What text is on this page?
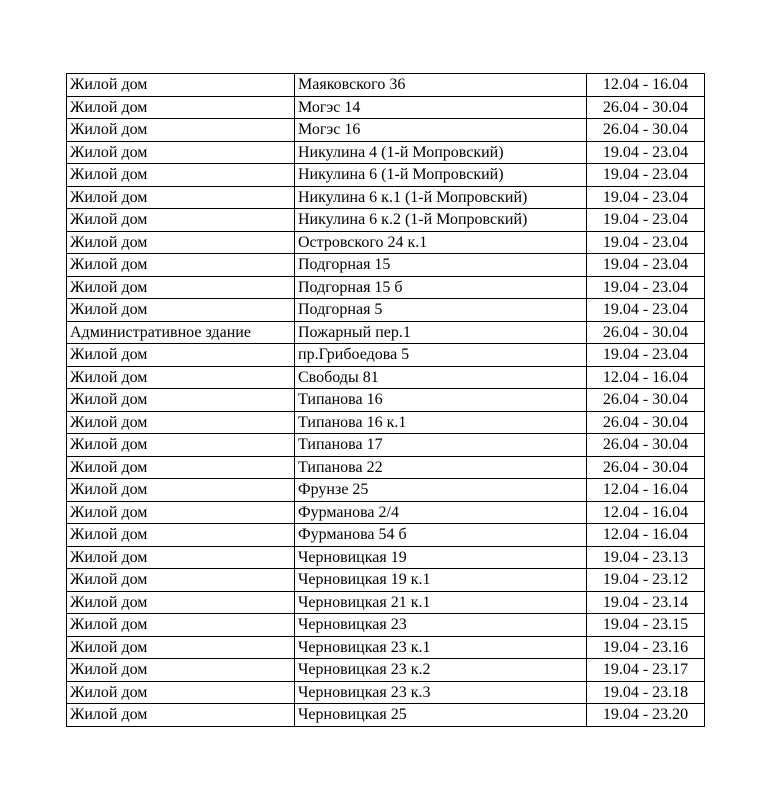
Жилой дом	Маяковского 36	12.04 - 16.04
Жилой дом	Могэс 14	26.04 - 30.04
Жилой дом	Могэс 16	26.04 - 30.04
Жилой дом	Никулина 4 (1-й Мопровский)	19.04 - 23.04
Жилой дом	Никулина 6 (1-й Мопровский)	19.04 - 23.04
Жилой дом	Никулина 6 к.1 (1-й Мопровский)	19.04 - 23.04
Жилой дом	Никулина 6 к.2 (1-й Мопровский)	19.04 - 23.04
Жилой дом	Островского 24 к.1	19.04 - 23.04
Жилой дом	Подгорная 15	19.04 - 23.04
Жилой дом	Подгорная 15 б	19.04 - 23.04
Жилой дом	Подгорная 5	19.04 - 23.04
Административное здание	Пожарный пер.1	26.04 - 30.04
Жилой дом	пр.Грибоедова 5	19.04 - 23.04
Жилой дом	Свободы 81	12.04 - 16.04
Жилой дом	Типанова 16	26.04 - 30.04
Жилой дом	Типанова 16 к.1	26.04 - 30.04
Жилой дом	Типанова 17	26.04 - 30.04
Жилой дом	Типанова 22	26.04 - 30.04
Жилой дом	Фрунзе 25	12.04 - 16.04
Жилой дом	Фурманова 2/4	12.04 - 16.04
Жилой дом	Фурманова 54 б	12.04 - 16.04
Жилой дом	Черновицкая 19	19.04 - 23.13
Жилой дом	Черновицкая 19 к.1	19.04 - 23.12
Жилой дом	Черновицкая 21 к.1	19.04 - 23.14
Жилой дом	Черновицкая 23	19.04 - 23.15
Жилой дом	Черновицкая 23 к.1	19.04 - 23.16
Жилой дом	Черновицкая 23 к.2	19.04 - 23.17
Жилой дом	Черновицкая 23 к.3	19.04 - 23.18
Жилой дом	Черновицкая 25	19.04 - 23.20
